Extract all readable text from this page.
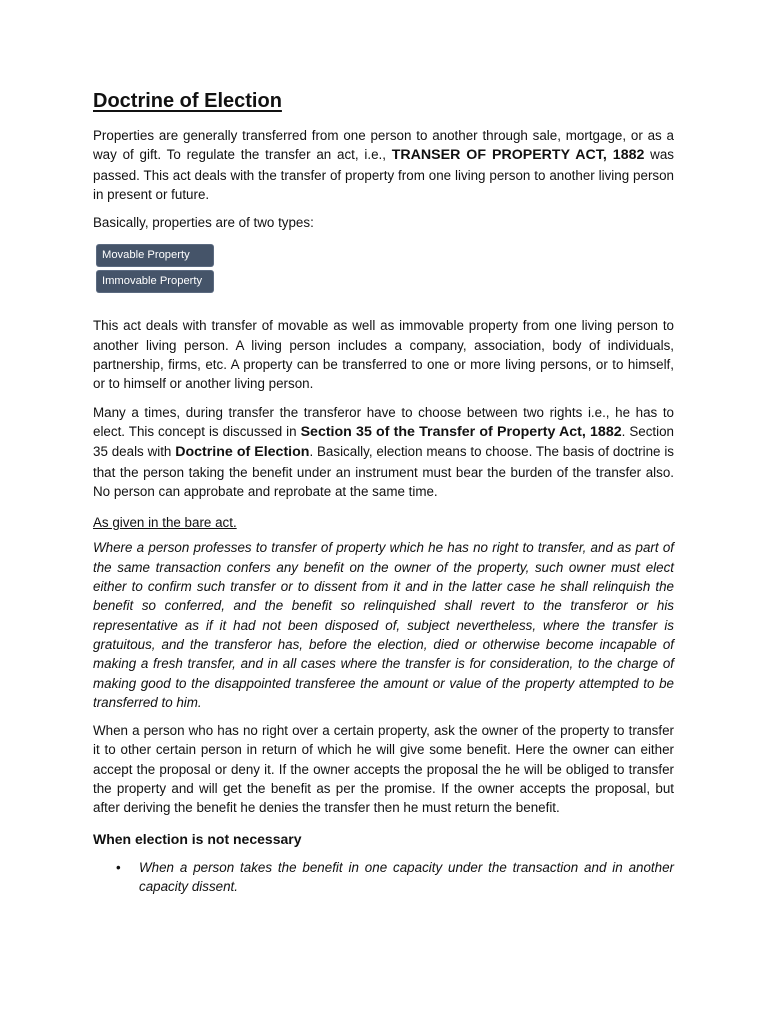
Doctrine of Election

Properties are generally transferred from one person to another through sale, mortgage, or as a way of gift. To regulate the transfer an act, i.e., TRANSER OF PROPERTY ACT, 1882 was passed. This act deals with the transfer of property from one living person to another living person in present or future.

Basically, properties are of two types:

Movable Property
Immovable Property

This act deals with transfer of movable as well as immovable property from one living person to another living person. A living person includes a company, association, body of individuals, partnership, firms, etc. A property can be transferred to one or more living persons, or to himself, or to himself or another living person.

Many a times, during transfer the transferor have to choose between two rights i.e., he has to elect. This concept is discussed in Section 35 of the Transfer of Property Act, 1882. Section 35 deals with Doctrine of Election. Basically, election means to choose. The basis of doctrine is that the person taking the benefit under an instrument must bear the burden of the transfer also. No person can approbate and reprobate at the same time.

As given in the bare act.

Where a person professes to transfer of property which he has no right to transfer, and as part of the same transaction confers any benefit on the owner of the property, such owner must elect either to confirm such transfer or to dissent from it and in the latter case he shall relinquish the benefit so conferred, and the benefit so relinquished shall revert to the transferor or his representative as if it had not been disposed of, subject nevertheless, where the transfer is gratuitous, and the transferor has, before the election, died or otherwise become incapable of making a fresh transfer, and in all cases where the transfer is for consideration, to the charge of making good to the disappointed transferee the amount or value of the property attempted to be transferred to him.

When a person who has no right over a certain property, ask the owner of the property to transfer it to other certain person in return of which he will give some benefit. Here the owner can either accept the proposal or deny it. If the owner accepts the proposal the he will be obliged to transfer the property and will get the benefit as per the promise. If the owner accepts the proposal, but after deriving the benefit he denies the transfer then he must return the benefit.

When election is not necessary
• When a person takes the benefit in one capacity under the transaction and in another capacity dissent.
